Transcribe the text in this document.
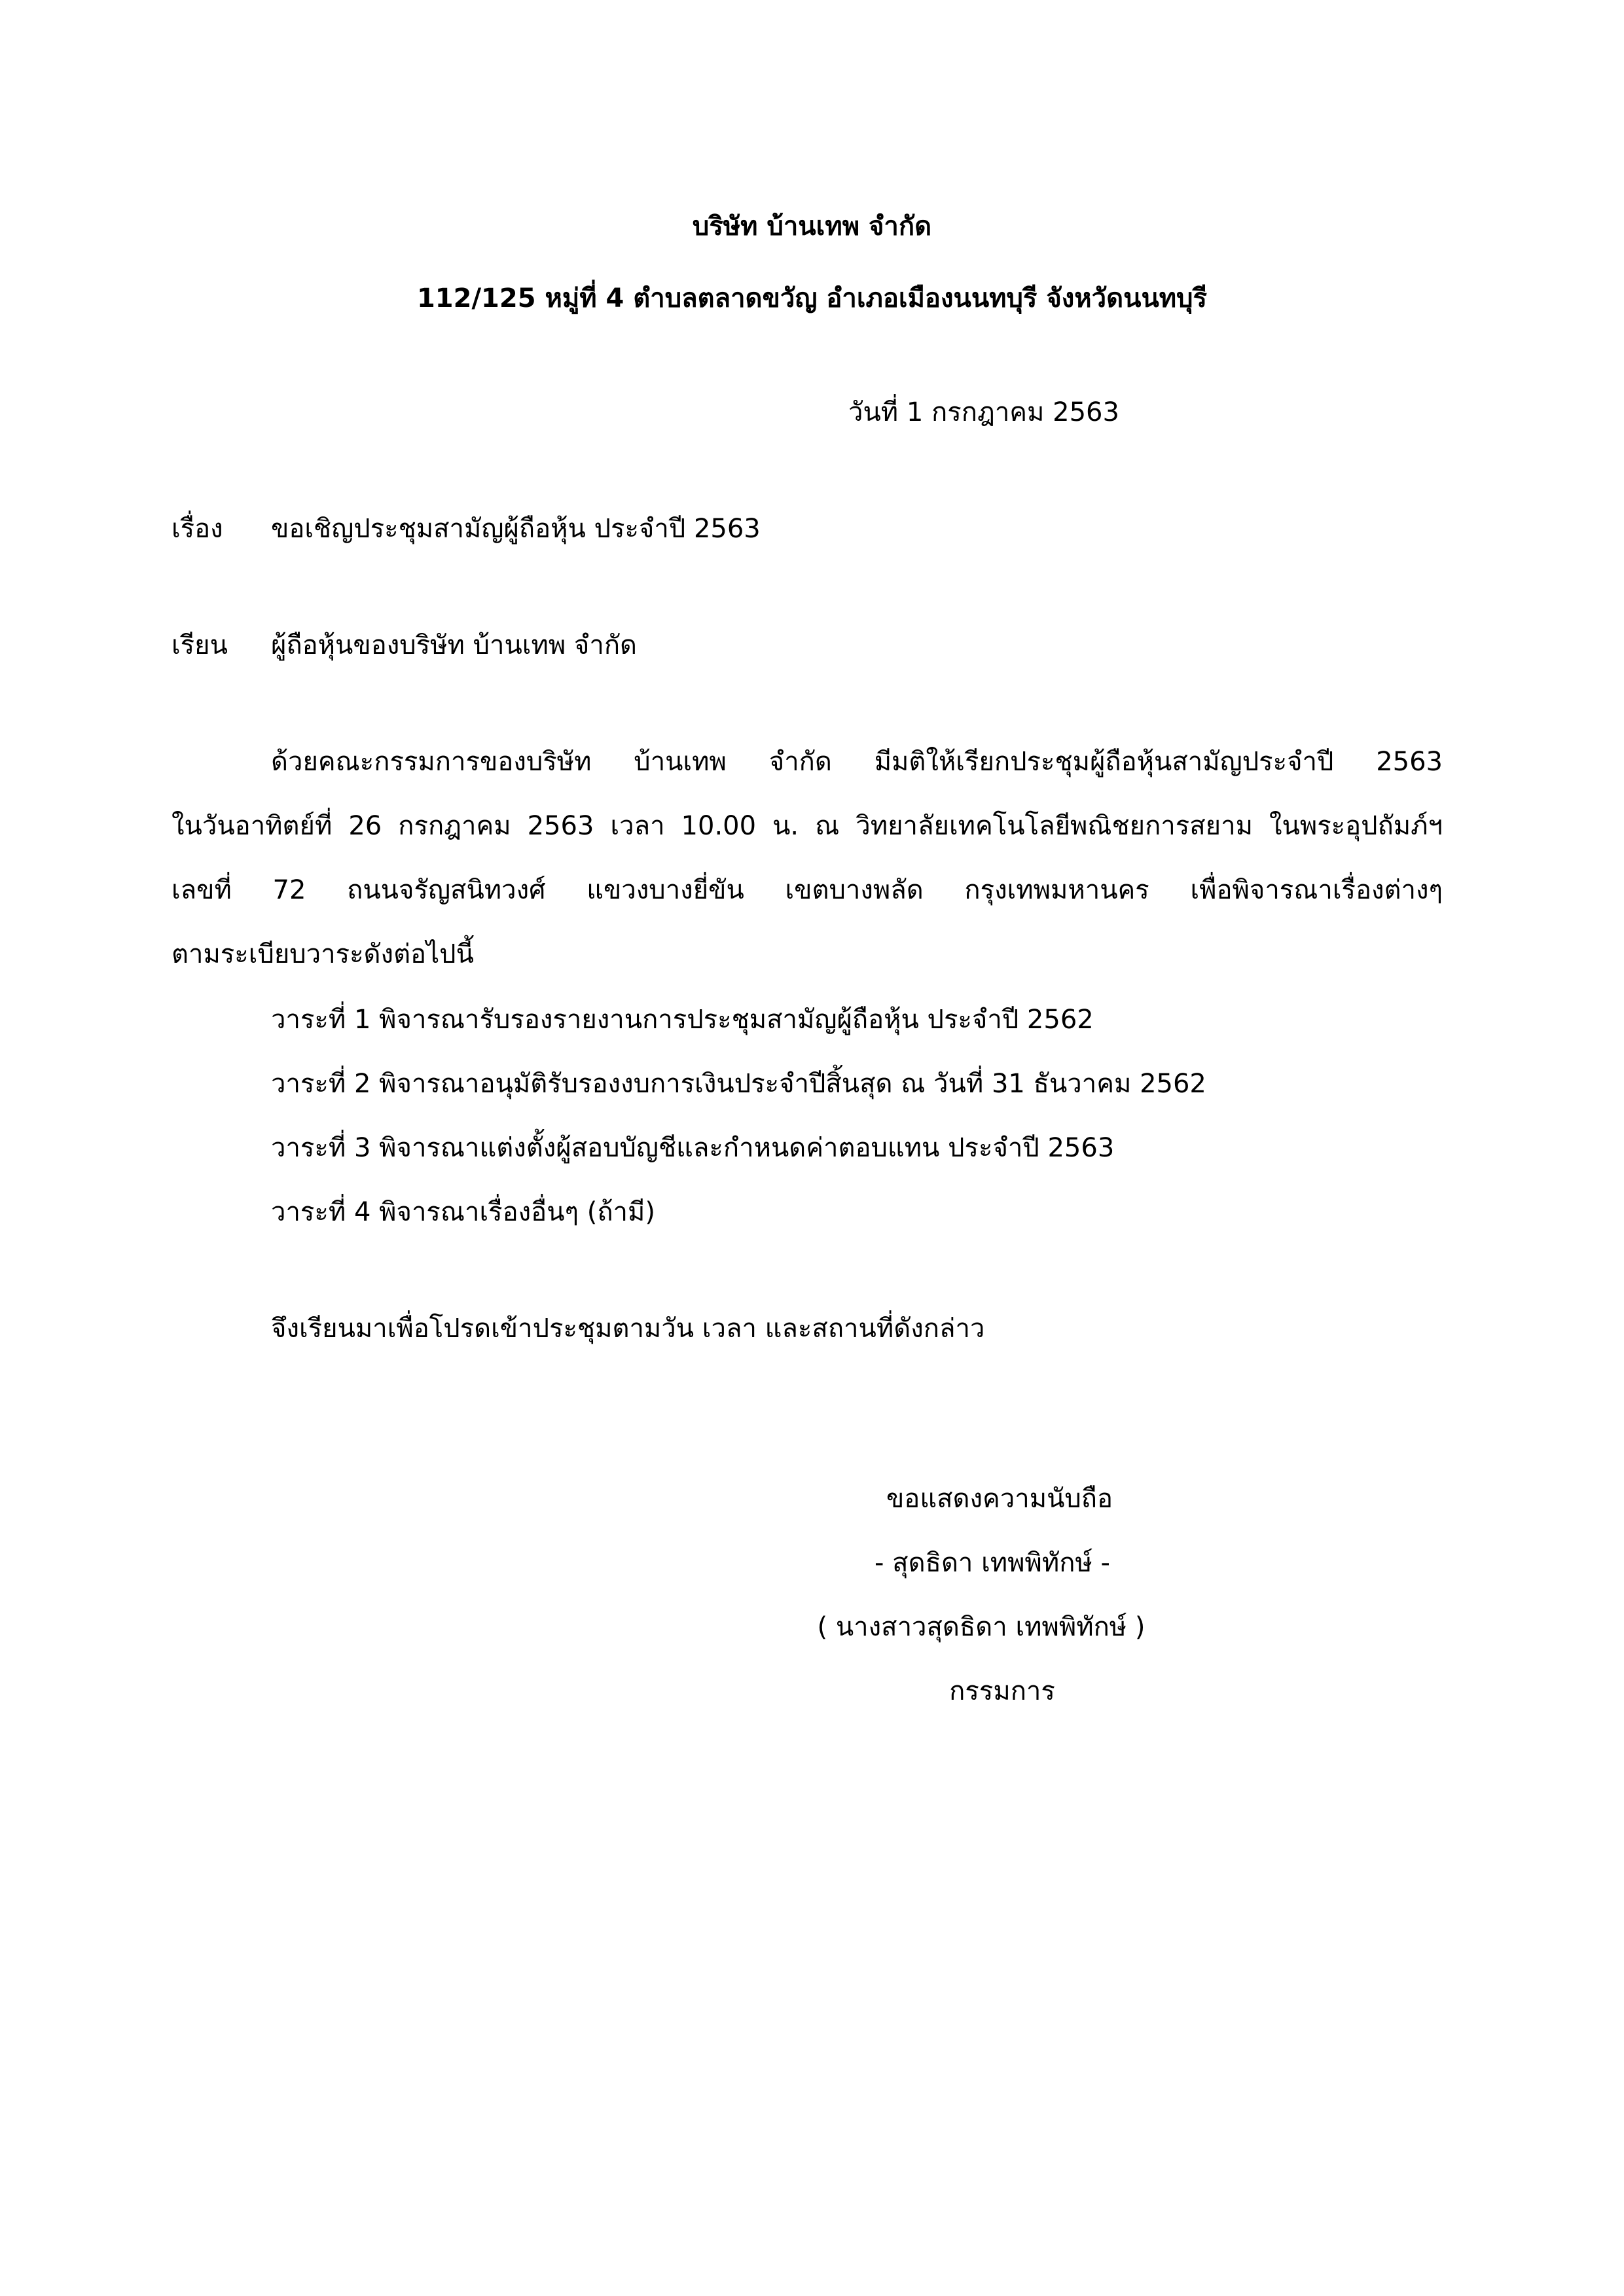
บริษัท บ้านเทพ จำกัด
112/125 หมู่ที่ 4 ตำบลตลาดขวัญ อำเภอเมืองนนทบุรี จังหวัดนนทบุรี
วันที่ 1 กรกฎาคม 2563
เรื่อง ขอเชิญประชุมสามัญผู้ถือหุ้น ประจำปี 2563
เรียน ผู้ถือหุ้นของบริษัท บ้านเทพ จำกัด
ด้วยคณะกรรมการของบริษัท บ้านเทพ จำกัด มีมติให้เรียกประชุมผู้ถือหุ้นสามัญประจำปี 2563
ในวันอาทิตย์ที่ 26 กรกฎาคม 2563 เวลา 10.00 น. ณ วิทยาลัยเทคโนโลยีพณิชยการสยาม ในพระอุปถัมภ์ฯ
เลขที่ 72 ถนนจรัญสนิทวงศ์ แขวงบางยี่ขัน เขตบางพลัด กรุงเทพมหานคร เพื่อพิจารณาเรื่องต่างๆ
ตามระเบียบวาระดังต่อไปนี้
วาระที่ 1 พิจารณารับรองรายงานการประชุมสามัญผู้ถือหุ้น ประจำปี 2562
วาระที่ 2 พิจารณาอนุมัติรับรองงบการเงินประจำปีสิ้นสุด ณ วันที่ 31 ธันวาคม 2562
วาระที่ 3 พิจารณาแต่งตั้งผู้สอบบัญชีและกำหนดค่าตอบแทน ประจำปี 2563
วาระที่ 4 พิจารณาเรื่องอื่นๆ (ถ้ามี)
จึงเรียนมาเพื่อโปรดเข้าประชุมตามวัน เวลา และสถานที่ดังกล่าว
ขอแสดงความนับถือ
- สุดธิดา เทพพิทักษ์ -
( นางสาวสุดธิดา เทพพิทักษ์ )
กรรมการ
